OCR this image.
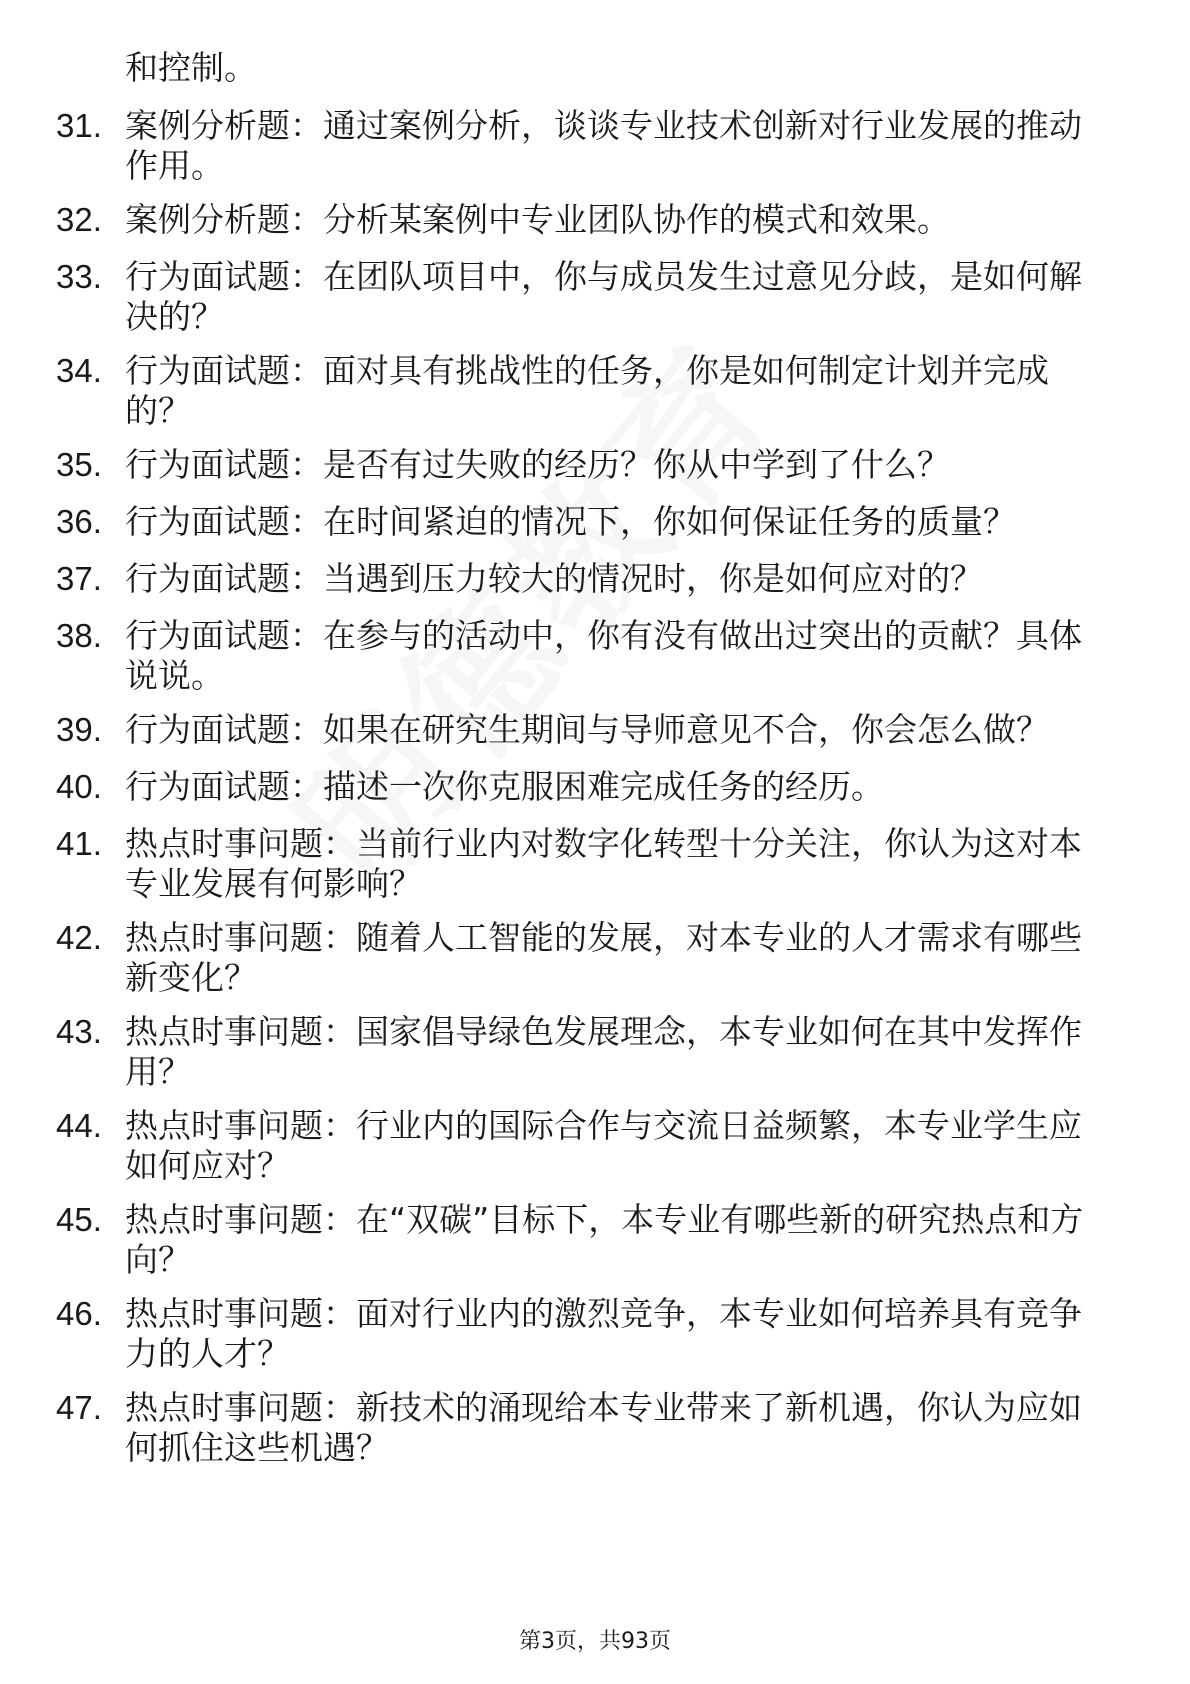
和控制。

31. 案例分析题：通过案例分析，谈谈专业技术创新对行业发展的推动作用。
32. 案例分析题：分析某案例中专业团队协作的模式和效果。
33. 行为面试题：在团队项目中，你与成员发生过意见分歧，是如何解决的？
34. 行为面试题：面对具有挑战性的任务，你是如何制定计划并完成的？
35. 行为面试题：是否有过失败的经历？你从中学到了什么？
36. 行为面试题：在时间紧迫的情况下，你如何保证任务的质量？
37. 行为面试题：当遇到压力较大的情况时，你是如何应对的？
38. 行为面试题：在参与的活动中，你有没有做出过突出的贡献？具体说说。
39. 行为面试题：如果在研究生期间与导师意见不合，你会怎么做？
40. 行为面试题：描述一次你克服困难完成任务的经历。
41. 热点时事问题：当前行业内对数字化转型十分关注，你认为这对本专业发展有何影响？
42. 热点时事问题：随着人工智能的发展，对本专业的人才需求有哪些新变化？
43. 热点时事问题：国家倡导绿色发展理念，本专业如何在其中发挥作用？
44. 热点时事问题：行业内的国际合作与交流日益频繁，本专业学生应如何应对？
45. 热点时事问题：在“双碳”目标下，本专业有哪些新的研究热点和方向？
46. 热点时事问题：面对行业内的激烈竞争，本专业如何培养具有竞争力的人才？
47. 热点时事问题：新技术的涌现给本专业带来了新机遇，你认为应如何抓住这些机遇？
第3页，共93页
